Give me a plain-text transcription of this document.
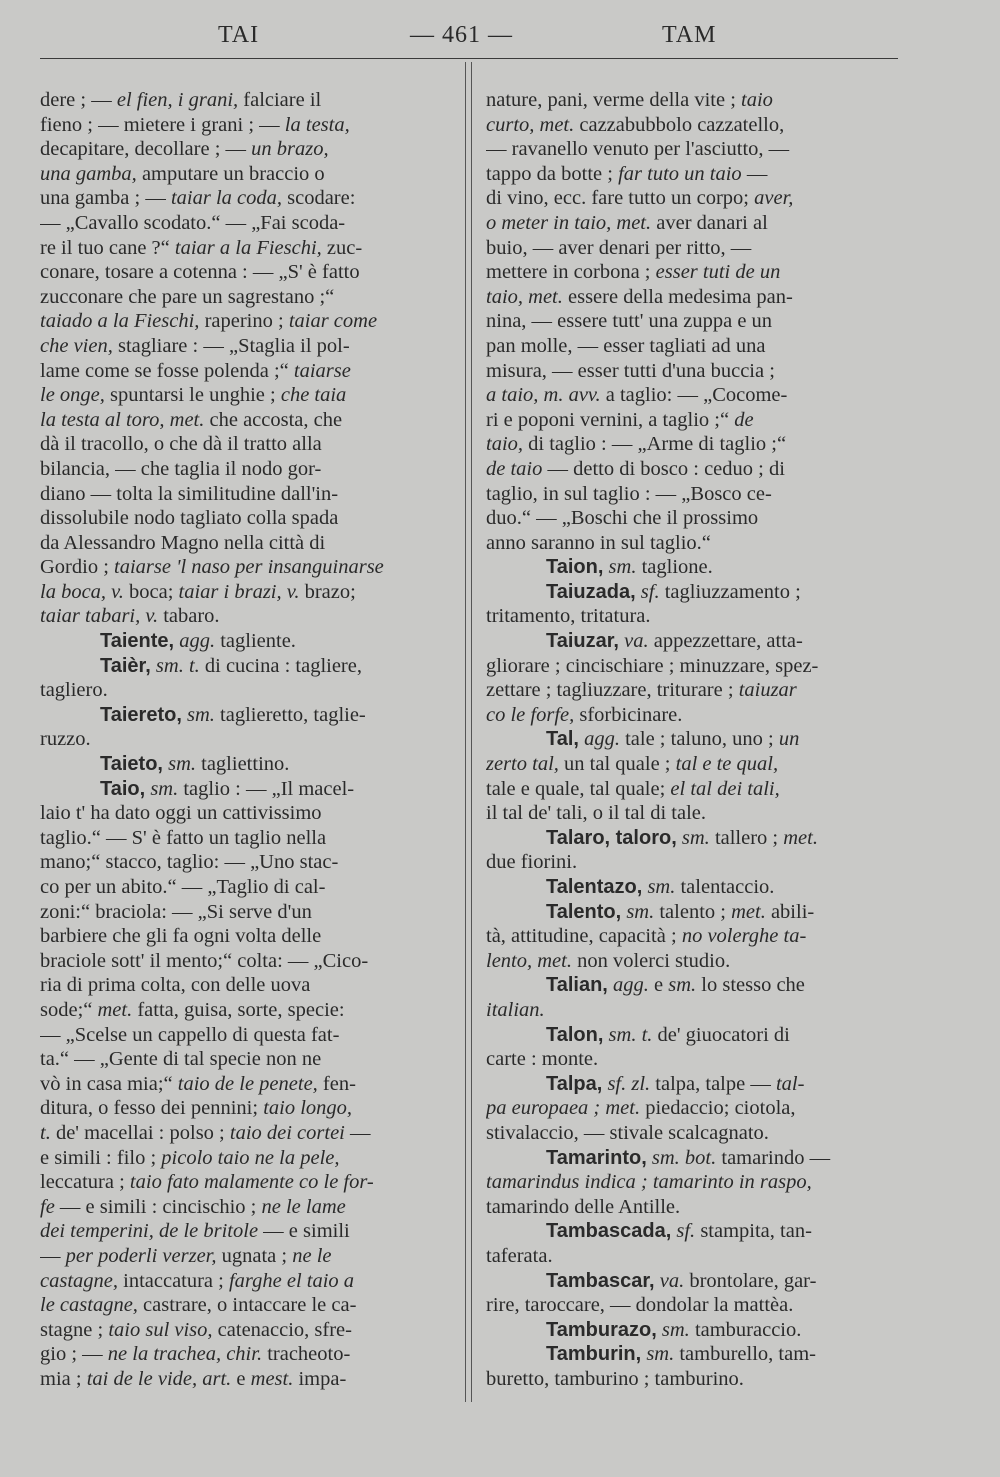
TAI	— 461 —	TAM
dere ; — el fien, i grani, falciare il
fieno ; — mietere i grani ; — la testa,
decapitare, decollare ; — un brazo,
una gamba, amputare un braccio o
una gamba ; — taiar la coda, scodare:
— „Cavallo scodato.“ — „Fai scoda-
re il tuo cane ?“ taiar a la Fieschi, zuc-
conare, tosare a cotenna : — „S' è fatto
zucconare che pare un sagrestano ;“
taiado a la Fieschi, raperino ; taiar come
che vien, stagliare : — „Staglia il pol-
lame come se fosse polenda ;“ taiarse
le onge, spuntarsi le unghie ; che taia
la testa al toro, met. che accosta, che
dà il tracollo, o che dà il tratto alla
bilancia, — che taglia il nodo gor-
diano — tolta la similitudine dall'in-
dissolubile nodo tagliato colla spada
da Alessandro Magno nella città di
Gordio ; taiarse 'l naso per insanguinarse
la boca, v. boca; taiar i brazi, v. brazo;
taiar tabari, v. tabaro.
Taiente, agg. tagliente.
Taièr, sm. t. di cucina : tagliere,
tagliero.
Taiereto, sm. taglieretto, taglie-
ruzzo.
Taieto, sm. tagliettino.
Taio, sm. taglio : — „Il macel-
laio t' ha dato oggi un cattivissimo
taglio.“ — S' è fatto un taglio nella
mano;“ stacco, taglio: — „Uno stac-
co per un abito.“ — „Taglio di cal-
zoni:“ braciola: — „Si serve d'un
barbiere che gli fa ogni volta delle
braciole sott' il mento;“ colta: — „Cico-
ria di prima colta, con delle uova
sode;“ met. fatta, guisa, sorte, specie:
— „Scelse un cappello di questa fat-
ta.“ — „Gente di tal specie non ne
vò in casa mia;“ taio de le penete, fen-
ditura, o fesso dei pennini; taio longo,
t. de' macellai : polso ; taio dei cortei —
e simili : filo ; picolo taio ne la pele,
leccatura ; taio fato malamente co le for-
fe — e simili : cincischio ; ne le lame
dei temperini, de le britole — e simili
— per poderli verzer, ugnata ; ne le
castagne, intaccatura ; farghe el taio a
le castagne, castrare, o intaccare le ca-
stagne ; taio sul viso, catenaccio, sfre-
gio ; — ne la trachea, chir. tracheoto-
mia ; tai de le vide, art. e mest. impa-
nature, pani, verme della vite ; taio
curto, met. cazzabubbolo cazzatello,
— ravanello venuto per l'asciutto, —
tappo da botte ; far tuto un taio —
di vino, ecc. fare tutto un corpo; aver,
o meter in taio, met. aver danari al
buio, — aver denari per ritto, —
mettere in corbona ; esser tuti de un
taio, met. essere della medesima pan-
nina, — essere tutt' una zuppa e un
pan molle, — esser tagliati ad una
misura, — esser tutti d'una buccia ;
a taio, m. avv. a taglio: — „Cocome-
ri e poponi vernini, a taglio ;“ de
taio, di taglio : — „Arme di taglio ;“
de taio — detto di bosco : ceduo ; di
taglio, in sul taglio : — „Bosco ce-
duo.“ — „Boschi che il prossimo
anno saranno in sul taglio.“
Taion, sm. taglione.
Taiuzada, sf. tagliuzzamento ;
tritamento, tritatura.
Taiuzar, va. appezzettare, atta-
gliorare ; cincischiare ; minuzzare, spez-
zettare ; tagliuzzare, triturare ; taiuzar
co le forfe, sforbicinare.
Tal, agg. tale ; taluno, uno ; un
zerto tal, un tal quale ; tal e te qual,
tale e quale, tal quale; el tal dei tali,
il tal de' tali, o il tal di tale.
Talaro, taloro, sm. tallero ; met.
due fiorini.
Talentazo, sm. talentaccio.
Talento, sm. talento ; met. abili-
tà, attitudine, capacità ; no volerghe ta-
lento, met. non volerci studio.
Talian, agg. e sm. lo stesso che
italian.
Talon, sm. t. de' giuocatori di
carte : monte.
Talpa, sf. zl. talpa, talpe — tal-
pa europaea ; met. piedaccio; ciotola,
stivalaccio, — stivale scalcagnato.
Tamarinto, sm. bot. tamarindo —
tamarindus indica ; tamarinto in raspo,
tamarindo delle Antille.
Tambascada, sf. stampita, tan-
taferata.
Tambascar, va. brontolare, gar-
rire, taroccare, — dondolar la mattèa.
Tamburazo, sm. tamburaccio.
Tamburin, sm. tamburello, tam-
buretto, tamburino ; tamburino.
